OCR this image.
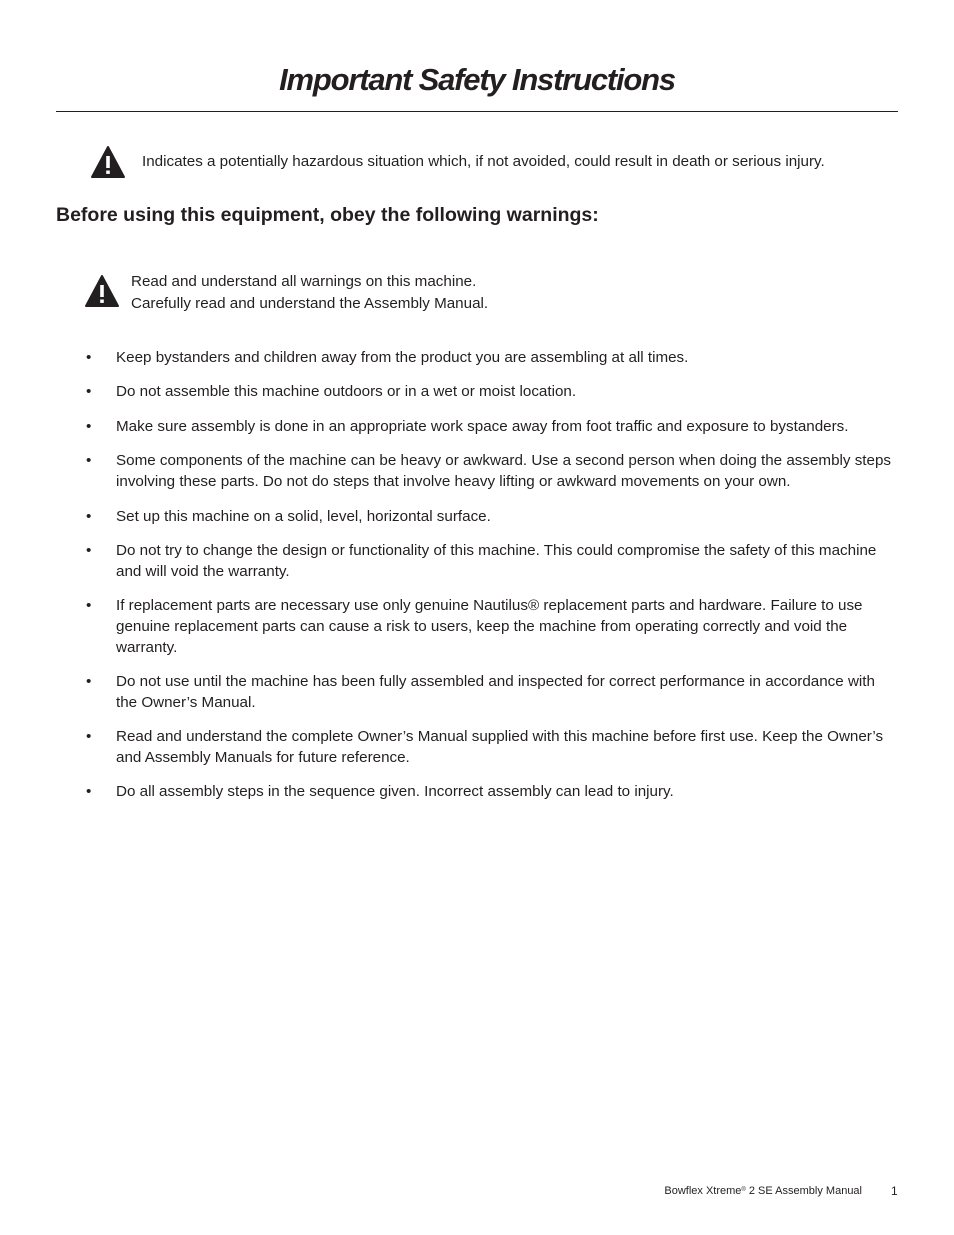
Important Safety Instructions
Indicates a potentially hazardous situation which, if not avoided, could result in death or serious injury.
Before using this equipment, obey the following warnings:
Read and understand all warnings on this machine.
Carefully read and understand the Assembly Manual.
• Keep bystanders and children away from the product you are assembling at all times.
• Do not assemble this machine outdoors or in a wet or moist location.
• Make sure assembly is done in an appropriate work space away from foot traffic and exposure to bystanders.
• Some components of the machine can be heavy or awkward. Use a second person when doing the assembly steps involving these parts. Do not do steps that involve heavy lifting or awkward movements on your own.
• Set up this machine on a solid, level, horizontal surface.
• Do not try to change the design or functionality of this machine. This could compromise the safety of this machine and will void the warranty.
• If replacement parts are necessary use only genuine Nautilus® replacement parts and hardware. Failure to use genuine replacement parts can cause a risk to users, keep the machine from operating correctly and void the warranty.
• Do not use until the machine has been fully assembled and inspected for correct performance in accordance with the Owner’s Manual.
• Read and understand the complete Owner’s Manual supplied with this machine before first use. Keep the Owner’s and Assembly Manuals for future reference.
• Do all assembly steps in the sequence given. Incorrect assembly can lead to injury.
Bowflex Xtreme® 2 SE Assembly Manual 1
